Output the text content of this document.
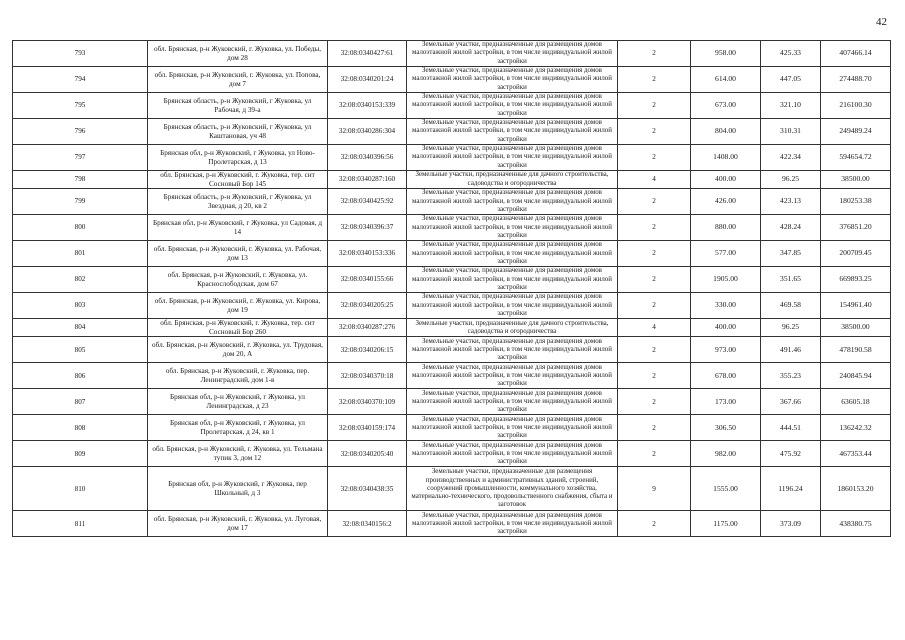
42
793	обл. Брянская, р-н Жуковский, г. Жуковка, ул. Победы, дом 28	32:08:0340427:61	Земельные участки, предназначенные для размещения домов малоэтажной жилой застройки, в том числе индивидуальной жилой застройки	2	958.00	425.33	407466.14
794	обл. Брянская, р-н Жуковский, г. Жуковка, ул. Попова, дом 7	32:08:0340201:24	Земельные участки, предназначенные для размещения домов малоэтажной жилой застройки, в том числе индивидуальной жилой застройки	2	614.00	447.05	274488.70
795	Брянская область, р-н Жуковский, г Жуковка, ул Рабочая, д 39-а	32:08:0340153:339	Земельные участки, предназначенные для размещения домов малоэтажной жилой застройки, в том числе индивидуальной жилой застройки	2	673.00	321.10	216100.30
796	Брянская область, р-н Жуковский, г Жуковка, ул Каштановая, уч 48	32:08:0340286:304	Земельные участки, предназначенные для размещения домов малоэтажной жилой застройки, в том числе индивидуальной жилой застройки	2	804.00	310.31	249489.24
797	Брянская обл, р-н Жуковский, г Жуковка, ул Ново-Пролетарская, д 13	32:08:0340396:56	Земельные участки, предназначенные для размещения домов малоэтажной жилой застройки, в том числе индивидуальной жилой застройки	2	1408.00	422.34	594654.72
798	обл. Брянская, р-н Жуковский, г. Жуковка, тер. снт Сосновый Бор 145	32:08:0340287:160	Земельные участки, предназначенные для дачного строительства, садоводства и огородничества	4	400.00	96.25	38500.00
799	Брянская область, р-н Жуковский, г Жуковка, ул Звездная, д 20, кв 2	32:08:0340425:92	Земельные участки, предназначенные для размещения домов малоэтажной жилой застройки, в том числе индивидуальной жилой застройки	2	426.00	423.13	180253.38
800	Брянская обл, р-н Жуковский, г Жуковка, ул Садовая, д 14	32:08:0340396:37	Земельные участки, предназначенные для размещения домов малоэтажной жилой застройки, в том числе индивидуальной жилой застройки	2	880.00	428.24	376851.20
801	обл. Брянская, р-н Жуковский, г. Жуковка, ул. Рабочая, дом 13	32:08:0340153:336	Земельные участки, предназначенные для размещения домов малоэтажной жилой застройки, в том числе индивидуальной жилой застройки	2	577.00	347.85	200709.45
802	обл. Брянская, р-н Жуковский, г. Жуковка, ул. Краснослободская, дом 67	32:08:0340155:66	Земельные участки, предназначенные для размещения домов малоэтажной жилой застройки, в том числе индивидуальной жилой застройки	2	1905.00	351.65	669893.25
803	обл. Брянская, р-н Жуковский, г. Жуковка, ул. Кирова, дом 19	32:08:0340205:25	Земельные участки, предназначенные для размещения домов малоэтажной жилой застройки, в том числе индивидуальной жилой застройки	2	330.00	469.58	154961.40
804	обл. Брянская, р-н Жуковский, г. Жуковка, тер. снт Сосновый Бор 260	32:08:0340287:276	Земельные участки, предназначенные для дачного строительства, садоводства и огородничества	4	400.00	96.25	38500.00
805	обл. Брянская, р-н Жуковский, г. Жуковка, ул. Трудовая, дом 20, А	32:08:0340206:15	Земельные участки, предназначенные для размещения домов малоэтажной жилой застройки, в том числе индивидуальной жилой застройки	2	973.00	491.46	478190.58
806	обл. Брянская, р-н Жуковский, г. Жуковка, пер. Ленинградский, дом 1-в	32:08:0340370:18	Земельные участки, предназначенные для размещения домов малоэтажной жилой застройки, в том числе индивидуальной жилой застройки	2	678.00	355.23	240845.94
807	Брянская обл, р-н Жуковский, г Жуковка, ул Ленинградская, д 23	32:08:0340370:109	Земельные участки, предназначенные для размещения домов малоэтажной жилой застройки, в том числе индивидуальной жилой застройки	2	173.00	367.66	63605.18
808	Брянская обл, р-н Жуковский, г Жуковка, ул Пролетарская, д 24, кв 1	32:08:0340159:174	Земельные участки, предназначенные для размещения домов малоэтажной жилой застройки, в том числе индивидуальной жилой застройки	2	306.50	444.51	136242.32
809	обл. Брянская, р-н Жуковский, г. Жуковка, ул. Тельмана тупик 3, дом 12	32:08:0340205:40	Земельные участки, предназначенные для размещения домов малоэтажной жилой застройки, в том числе индивидуальной жилой застройки	2	982.00	475.92	467353.44
810	Брянская обл, р-н Жуковский, г Жуковка, пер Школьный, д 3	32:08:0340438:35	Земельные участки, предназначенные для размещения производственных и административных зданий, строений, сооружений промышленности, коммунального хозяйства, материально-технического, продовольственного снабжения, сбыта и заготовок	9	1555.00	1196.24	1860153.20
811	обл. Брянская, р-н Жуковский, г. Жуковка, ул. Луговая, дом 17	32:08:0340156:2	Земельные участки, предназначенные для размещения домов малоэтажной жилой застройки, в том числе индивидуальной жилой застройки	2	1175.00	373.09	438380.75
